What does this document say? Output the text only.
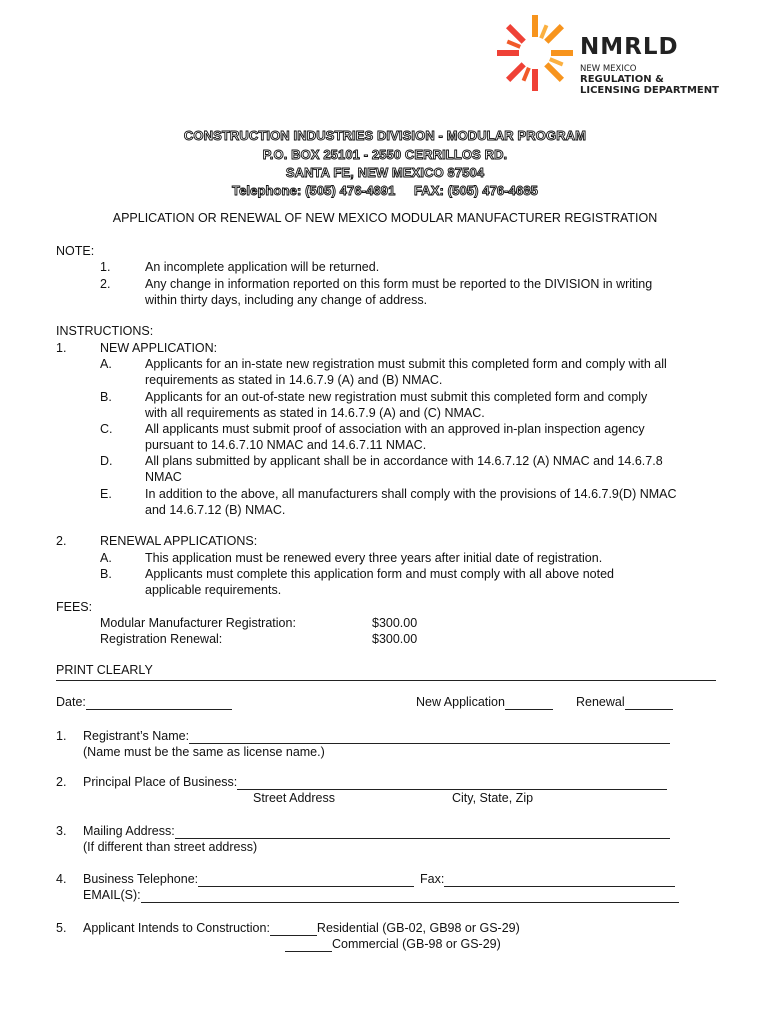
NMRLD
NEW MEXICO
REGULATION &
LICENSING DEPARTMENT
CONSTRUCTION INDUSTRIES DIVISION - MODULAR PROGRAM
P.O. BOX 25101 - 2550 CERRILLOS RD.
SANTA FE, NEW MEXICO 87504
Telephone: (505) 476-4691     FAX: (505) 476-4685
APPLICATION OR RENEWAL OF NEW MEXICO MODULAR MANUFACTURER REGISTRATION
NOTE:
1.	An incomplete application will be returned.
2.	Any change in information reported on this form must be reported to the DIVISION in writing
within thirty days, including any change of address.
INSTRUCTIONS:
1.	NEW APPLICATION:
A.	Applicants for an in-state new registration must submit this completed form and comply with all
requirements as stated in 14.6.7.9 (A) and (B) NMAC.
B.	Applicants for an out-of-state new registration must submit this completed form and comply
with all requirements as stated in 14.6.7.9 (A) and (C) NMAC.
C.	All applicants must submit proof of association with an approved in-plan inspection agency
pursuant to 14.6.7.10 NMAC and 14.6.7.11 NMAC.
D.	All plans submitted by applicant shall be in accordance with 14.6.7.12 (A) NMAC and 14.6.7.8
NMAC
E.	In addition to the above, all manufacturers shall comply with the provisions of 14.6.7.9(D) NMAC
and 14.6.7.12 (B) NMAC.
2.	RENEWAL APPLICATIONS:
A.	This application must be renewed every three years after initial date of registration.
B.	Applicants must complete this application form and must comply with all above noted
applicable requirements.
FEES:
Modular Manufacturer Registration:	$300.00
Registration Renewal:	$300.00
PRINT CLEARLY
Date:	New Application	Renewal
1. Registrant’s Name:
(Name must be the same as license name.)
2. Principal Place of Business:
Street Address	City, State, Zip
3. Mailing Address:
(If different than street address)
4. Business Telephone:	Fax:
EMAIL(S):
5. Applicant Intends to Construction:	Residential (GB-02, GB98 or GS-29)
Commercial (GB-98 or GS-29)
